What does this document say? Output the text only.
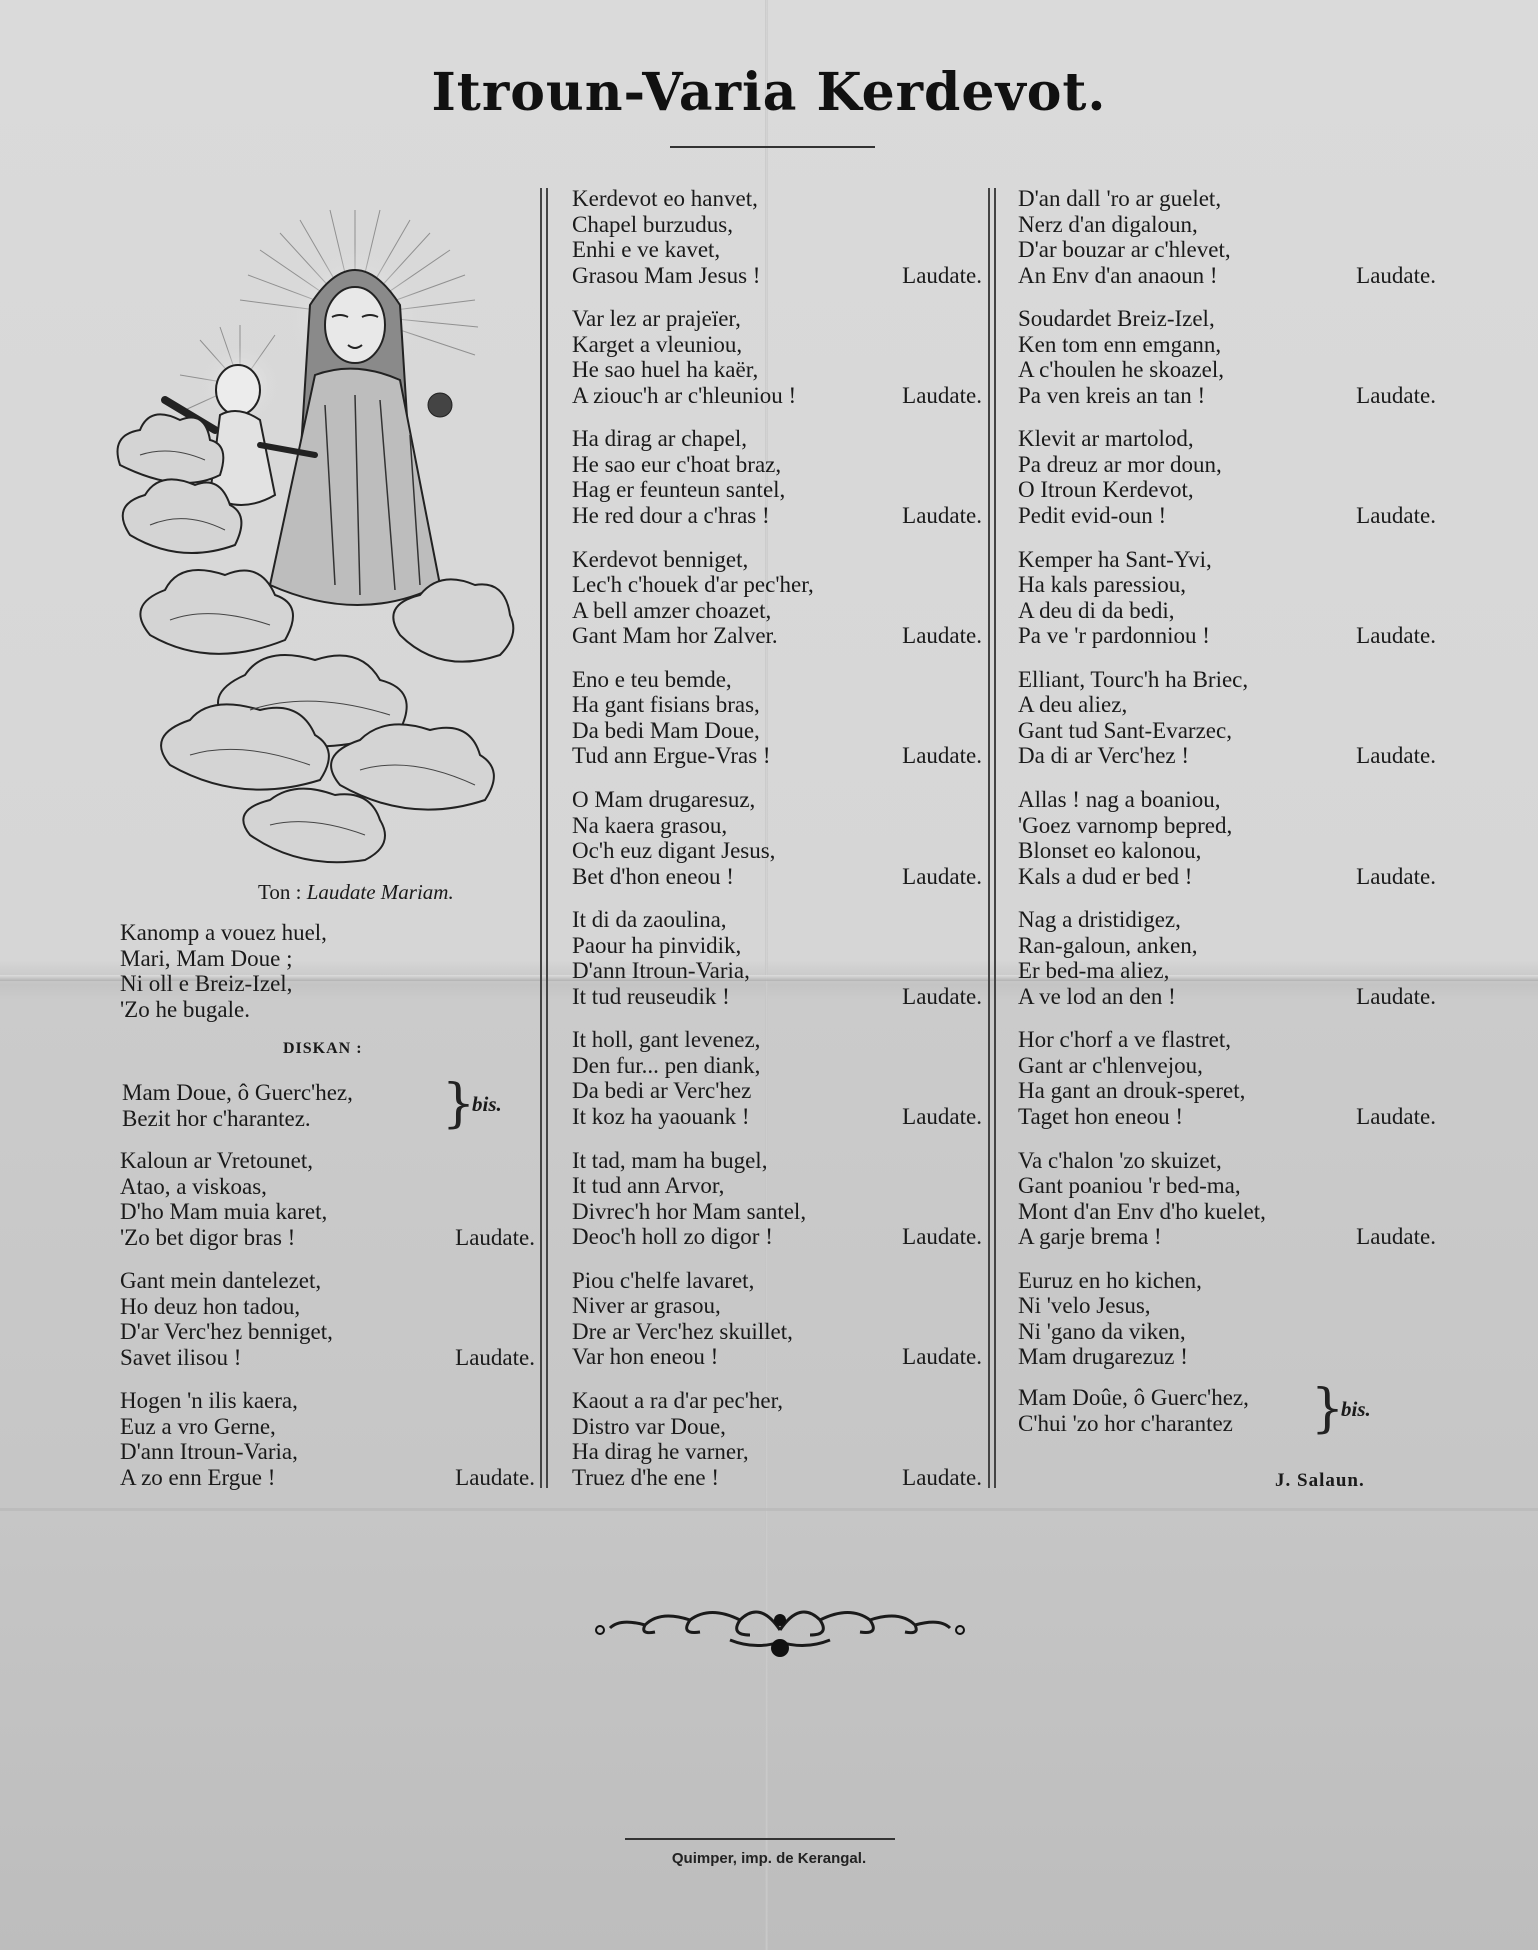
Itroun-Varia Kerdevot.
Ton : Laudate Mariam.
Kanomp a vouez huel,
Mari, Mam Doue ;
Ni oll e Breiz-Izel,
'Zo he bugale.
DISKAN :
Mam Doue, ô Guerc'hez,
Bezit hor c'harantez.	}
bis.
Kaloun ar Vretounet,
Atao, a viskoas,
D'ho Mam muia karet,
'Zo bet digor bras !	Laudate.
Gant mein dantelezet,
Ho deuz hon tadou,
D'ar Verc'hez benniget,
Savet ilisou !	Laudate.
Hogen 'n ilis kaera,
Euz a vro Gerne,
D'ann Itroun-Varia,
A zo enn Ergue !	Laudate.
Kerdevot eo hanvet,
Chapel burzudus,
Enhi e ve kavet,
Grasou Mam Jesus !	Laudate.
Var lez ar prajeïer,
Karget a vleuniou,
He sao huel ha kaër,
A ziouc'h ar c'hleuniou !	Laudate.
Ha dirag ar chapel,
He sao eur c'hoat braz,
Hag er feunteun santel,
He red dour a c'hras !	Laudate.
Kerdevot benniget,
Lec'h c'houek d'ar pec'her,
A bell amzer choazet,
Gant Mam hor Zalver.	Laudate.
Eno e teu bemde,
Ha gant fisians bras,
Da bedi Mam Doue,
Tud ann Ergue-Vras !	Laudate.
O Mam drugaresuz,
Na kaera grasou,
Oc'h euz digant Jesus,
Bet d'hon eneou !	Laudate.
It di da zaoulina,
Paour ha pinvidik,
D'ann Itroun-Varia,
It tud reuseudik !	Laudate.
It holl, gant levenez,
Den fur... pen diank,
Da bedi ar Verc'hez
It koz ha yaouank !	Laudate.
It tad, mam ha bugel,
It tud ann Arvor,
Divrec'h hor Mam santel,
Deoc'h holl zo digor !	Laudate.
Piou c'helfe lavaret,
Niver ar grasou,
Dre ar Verc'hez skuillet,
Var hon eneou !	Laudate.
Kaout a ra d'ar pec'her,
Distro var Doue,
Ha dirag he varner,
Truez d'he ene !	Laudate.
D'an dall 'ro ar guelet,
Nerz d'an digaloun,
D'ar bouzar ar c'hlevet,
An Env d'an anaoun !	Laudate.
Soudardet Breiz-Izel,
Ken tom enn emgann,
A c'houlen he skoazel,
Pa ven kreis an tan !	Laudate.
Klevit ar martolod,
Pa dreuz ar mor doun,
O Itroun Kerdevot,
Pedit evid-oun !	Laudate.
Kemper ha Sant-Yvi,
Ha kals paressiou,
A deu di da bedi,
Pa ve 'r pardonniou !	Laudate.
Elliant, Tourc'h ha Briec,
A deu aliez,
Gant tud Sant-Evarzec,
Da di ar Verc'hez !	Laudate.
Allas ! nag a boaniou,
'Goez varnomp bepred,
Blonset eo kalonou,
Kals a dud er bed !	Laudate.
Nag a dristidigez,
Ran-galoun, anken,
Er bed-ma aliez,
A ve lod an den !	Laudate.
Hor c'horf a ve flastret,
Gant ar c'hlenvejou,
Ha gant an drouk-speret,
Taget hon eneou !	Laudate.
Va c'halon 'zo skuizet,
Gant poaniou 'r bed-ma,
Mont d'an Env d'ho kuelet,
A garje brema !	Laudate.
Euruz en ho kichen,
Ni 'velo Jesus,
Ni 'gano da viken,
Mam drugarezuz !
Mam Doûe, ô Guerc'hez,
C'hui 'zo hor c'harantez	}
bis.
J. Salaun.
Quimper, imp. de Kerangal.
